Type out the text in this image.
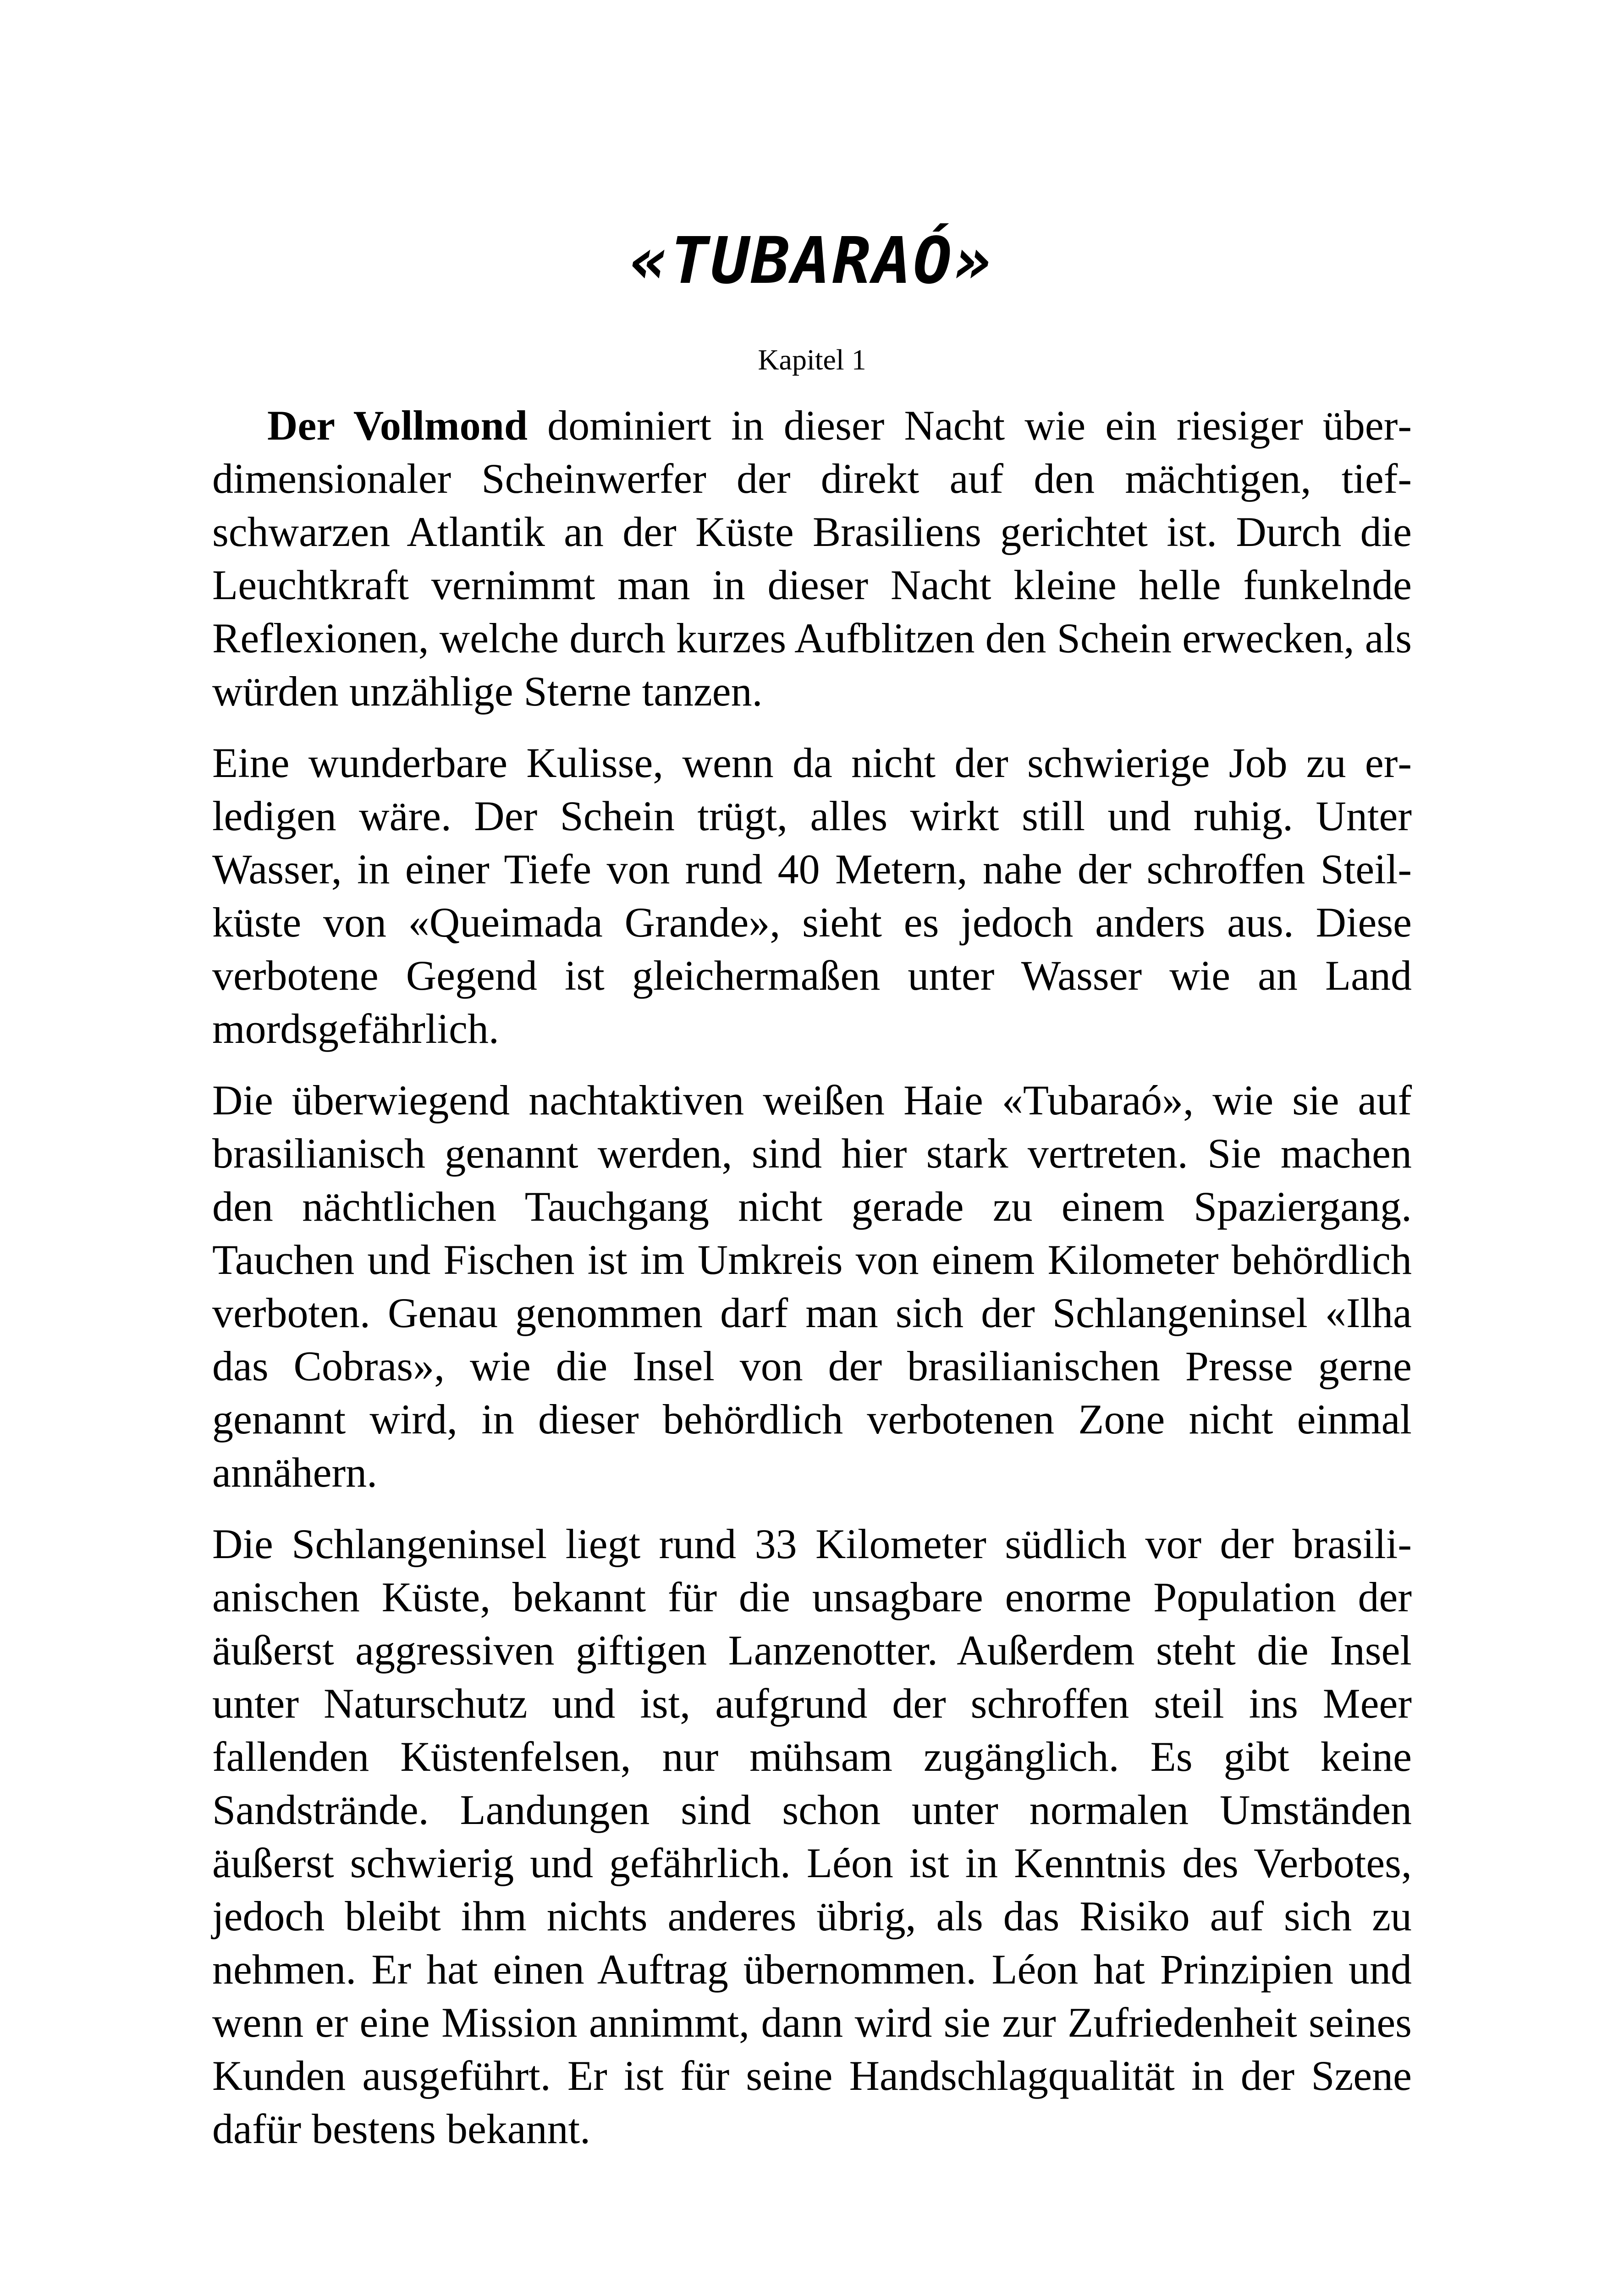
«TUBARAÓ»
Kapitel 1

Der Vollmond dominiert in dieser Nacht wie ein riesiger überdimensionaler Scheinwerfer der direkt auf den mächtigen, tiefschwarzen Atlantik an der Küste Brasiliens gerichtet ist. Durch die Leuchtkraft vernimmt man in dieser Nacht kleine helle funkelnde Reflexionen, welche durch kurzes Aufblitzen den Schein erwecken, als würden unzählige Sterne tanzen.

Eine wunderbare Kulisse, wenn da nicht der schwierige Job zu erledigen wäre. Der Schein trügt, alles wirkt still und ruhig. Unter Wasser, in einer Tiefe von rund 40 Metern, nahe der schroffen Steilküste von «Queimada Grande», sieht es jedoch anders aus. Diese verbotene Gegend ist gleichermaßen unter Wasser wie an Land mordsgefährlich.

Die überwiegend nachtaktiven weißen Haie «Tubaraó», wie sie auf brasilianisch genannt werden, sind hier stark vertreten. Sie machen den nächtlichen Tauchgang nicht gerade zu einem Spaziergang. Tauchen und Fischen ist im Umkreis von einem Kilometer behördlich verboten. Genau genommen darf man sich der Schlangeninsel «Ilha das Cobras», wie die Insel von der brasilianischen Presse gerne genannt wird, in dieser behördlich verbotenen Zone nicht einmal annähern.

Die Schlangeninsel liegt rund 33 Kilometer südlich vor der brasilianischen Küste, bekannt für die unsagbare enorme Population der äußerst aggressiven giftigen Lanzenotter. Außerdem steht die Insel unter Naturschutz und ist, aufgrund der schroffen steil ins Meer fallenden Küstenfelsen, nur mühsam zugänglich. Es gibt keine Sandstrände. Landungen sind schon unter normalen Umständen äußerst schwierig und gefährlich. Léon ist in Kenntnis des Verbotes, jedoch bleibt ihm nichts anderes übrig, als das Risiko auf sich zu nehmen. Er hat einen Auftrag übernommen. Léon hat Prinzipien und wenn er eine Mission annimmt, dann wird sie zur Zufriedenheit seines Kunden ausgeführt. Er ist für seine Handschlagqualität in der Szene dafür bestens bekannt.
